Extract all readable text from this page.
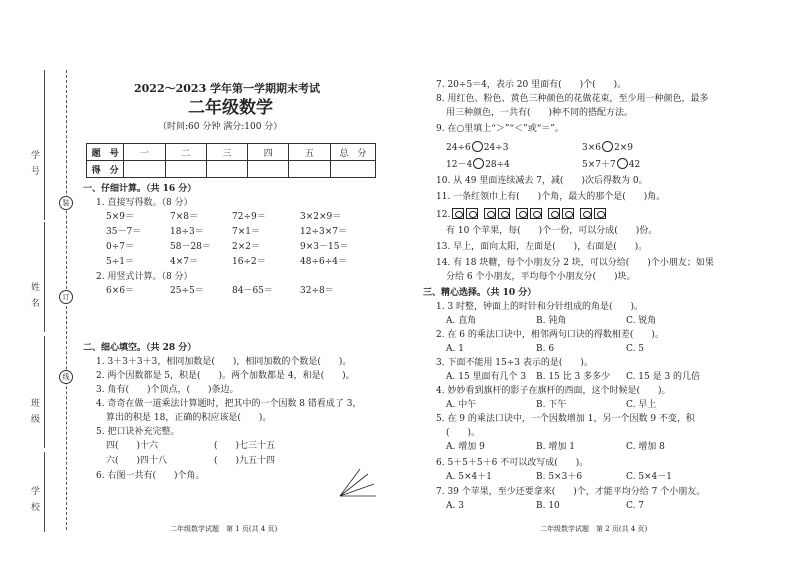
学 号
姓 名
班 级
学 校
装
订
线
2022～2023 学年第一学期期末考试
二年级数学
（时间:60 分钟 满分:100 分）
题　号	一	二	三	四	五	总　分
得　分						
一、仔细计算。（共 16 分）
1. 直接写得数。（8 分）
5×9＝	7×8＝	72÷9＝	3×2×9＝
35－7＝	18÷3＝	7×1＝	12÷3×7＝
0÷7＝	58－28＝ 2×2＝	9×3－15＝
5÷1＝	4×7＝	16÷2＝	48÷6÷4＝
2. 用竖式计算。（8 分）
6×6＝	25÷5＝	84－65＝	32÷8＝
二、细心填空。（共 28 分）
1. 3＋3＋3＋3，相同加数是(　　)，相同加数的个数是(　　)。
2. 两个因数都是 5，积是(　　)。两个加数都是 4，和是(　　)。
3. 角有(　　)个顶点，(　　)条边。
4. 奇奇在做一道乘法计算题时，把其中的一个因数 8 错看成了 3，
算出的积是 18，正确的积应该是(　　)。
5. 把口诀补充完整。
四(　　)十六	(　　)七三十五
六(　　)四十八	(　　)九五十四
6. 右图一共有(　　)个角。
二年级数学试题　第 1 页(共 4 页)
7. 20÷5＝4，表示 20 里面有(　　)个(　　)。
8. 用红色、粉色、黄色三种颜色的花做花束，至少用一种颜色，最多
用三种颜色，一共有(　　)种不同的搭配方法。
9. 在○里填上“＞”“＜”或“＝”。
24÷6 24÷3	3×6 2×9
12－4 28÷4	5×7＋7 42
10. 从 49 里面连续减去 7，减(　　)次后得数为 0。
11. 一条红领巾上有(　　)个角，最大的那个是(　　)角。
12.

有 10 个苹果，每(　　)个一份，可以分成(　　)份。
13. 早上，面向太阳，左面是(　　)，右面是(　　)。
14. 有 18 块糖，每个小朋友分 2 块，可以分给(　　)个小朋友；如果
分给 6 个小朋友，平均每个小朋友分(　　)块。
三、精心选择。（共 10 分）
1. 3 时整，钟面上的时针和分针组成的角是(　　)。
A. 直角	B. 钝角	C. 锐角
2. 在 6 的乘法口诀中，相邻两句口诀的得数相差(　　)。
A. 1	B. 6	C. 5
3. 下面不能用 15÷3 表示的是(　　)。
A. 15 里面有几个 3 B. 15 比 3 多多少 C. 15 是 3 的几倍
4. 妙妙看到旗杆的影子在旗杆的西面，这个时候是(　　)。
A. 中午	B. 下午	C. 早上
5. 在 9 的乘法口诀中，一个因数增加 1，另一个因数 9 不变，积
(　　)。
A. 增加 9	B. 增加 1	C. 增加 8
6. 5＋5＋5＋6 不可以改写成(　　)。
A. 5×4＋1	B. 5×3＋6	C. 5×4－1
7. 39 个苹果，至少还要拿来(　　)个，才能平均分给 7 个小朋友。
A. 3	B. 10	C. 7
二年级数学试题　第 2 页(共 4 页)
